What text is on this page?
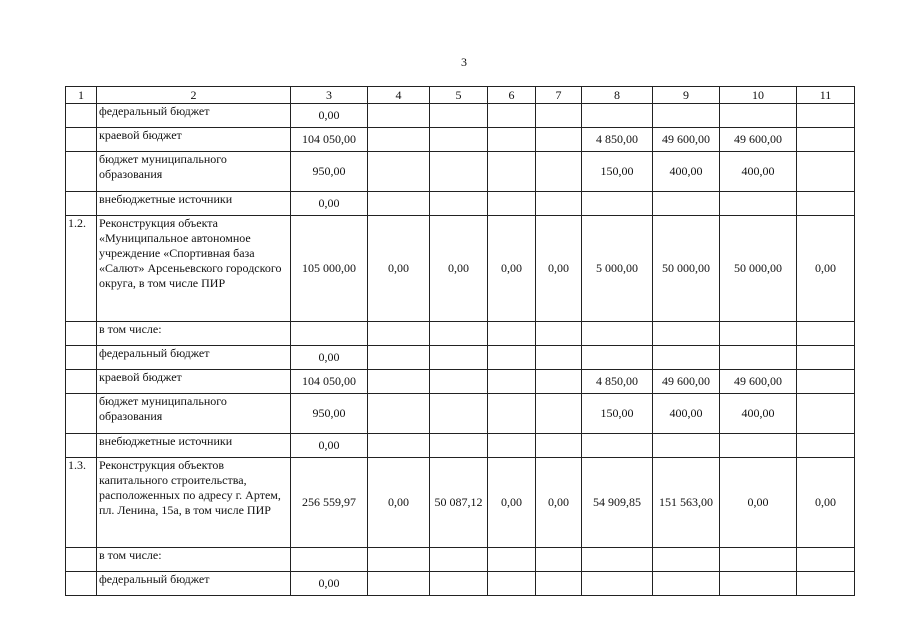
3
1	2	3	4	5	6	7	8	9	10	11
	федеральный бюджет	0,00								
	краевой бюджет	104 050,00					4 850,00	49 600,00	49 600,00	
	бюджет муниципального образования	950,00					150,00	400,00	400,00	
	внебюджетные источники	0,00								
1.2.	Реконструкция объекта «Муниципальное автономное учреждение «Спортивная база «Салют» Арсеньевского городского округа, в том числе ПИР	105 000,00	0,00	0,00	0,00	0,00	5 000,00	50 000,00	50 000,00	0,00
	в том числе:									
	федеральный бюджет	0,00								
	краевой бюджет	104 050,00					4 850,00	49 600,00	49 600,00	
	бюджет муниципального образования	950,00					150,00	400,00	400,00	
	внебюджетные источники	0,00								
1.3.	Реконструкция объектов капитального строительства, расположенных по адресу г. Артем, пл. Ленина, 15а, в том числе ПИР	256 559,97	0,00	50 087,12	0,00	0,00	54 909,85	151 563,00	0,00	0,00
	в том числе:									
	федеральный бюджет	0,00								
